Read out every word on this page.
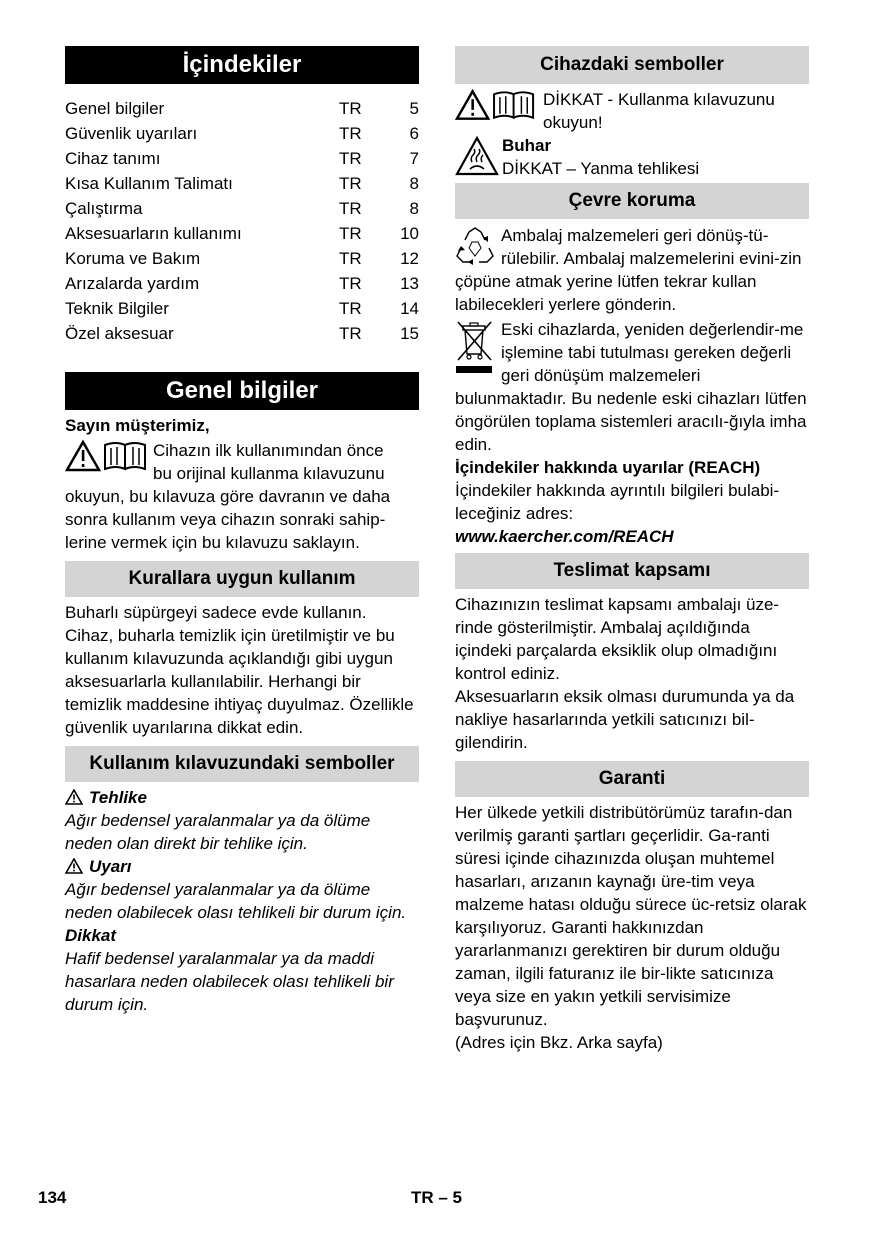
İçindekiler
Genel bilgiler	TR	5
Güvenlik uyarıları	TR	6
Cihaz tanımı	TR	7
Kısa Kullanım Talimatı	TR	8
Çalıştırma	TR	8
Aksesuarların kullanımı	TR	10
Koruma ve Bakım	TR	12
Arızalarda yardım	TR	13
Teknik Bilgiler	TR	14
Özel aksesuar	TR	15
Genel bilgiler

Sayın müşterimiz,

Cihazın ilk kullanımından önce

bu orijinal kullanma kılavuzunu

okuyun, bu kılavuza göre davranın ve daha sonra kullanım veya cihazın sonraki sahip-lerine vermek için bu kılavuzu saklayın.

Kurallara uygun kullanım

Buharlı süpürgeyi sadece evde kullanın. Cihaz, buharla temizlik için üretilmiştir ve bu kullanım kılavuzunda açıklandığı gibi uygun aksesuarlarla kullanılabilir. Herhangi bir temizlik maddesine ihtiyaç duyulmaz. Özellikle güvenlik uyarılarına dikkat edin.

Kullanım kılavuzundaki semboller

Tehlike

Ağır bedensel yaralanmalar ya da ölüme neden olan direkt bir tehlike için.

Uyarı

Ağır bedensel yaralanmalar ya da ölüme neden olabilecek olası tehlikeli bir durum için.

Dikkat

Hafif bedensel yaralanmalar ya da maddi hasarlara neden olabilecek olası tehlikeli bir durum için.

Cihazdaki semboller

DİKKAT - Kullanma kılavuzunu okuyun!

Buhar

DİKKAT – Yanma tehlikesi

Çevre koruma

Ambalaj malzemeleri geri dönüş-tü-rülebilir. Ambalaj malzemelerini evini-zin çöpüne atmak yerine lütfen tekrar kullan labilecekleri yerlere gönderin.

Eski cihazlarda, yeniden değerlendir-me işlemine tabi tutulması gereken değerli geri dönüşüm malzemeleri bulunmaktadır. Bu nedenle eski cihazları lütfen öngörülen toplama sistemleri aracılı-ğıyla imha edin.

İçindekiler hakkında uyarılar (REACH)

İçindekiler hakkında ayrıntılı bilgileri bulabi-leceğiniz adres:

www.kaercher.com/REACH

Teslimat kapsamı

Cihazınızın teslimat kapsamı ambalajı üze-rinde gösterilmiştir. Ambalaj açıldığında içindeki parçalarda eksiklik olup olmadığını kontrol ediniz.

Aksesuarların eksik olması durumunda ya da nakliye hasarlarında yetkili satıcınızı bil-gilendirin.

Garanti

Her ülkede yetkili distribütörümüz tarafın-dan verilmiş garanti şartları geçerlidir. Ga-ranti süresi içinde cihazınızda oluşan muhtemel hasarları, arızanın kaynağı üre-tim veya malzeme hatası olduğu sürece üc-retsiz olarak karşılıyoruz. Garanti hakkınızdan yararlanmanızı gerektiren bir durum olduğu zaman, ilgili faturanız ile bir-likte satıcınıza veya size en yakın yetkili servisimize başvurunuz.

(Adres için Bkz. Arka sayfa)

134	TR – 5
